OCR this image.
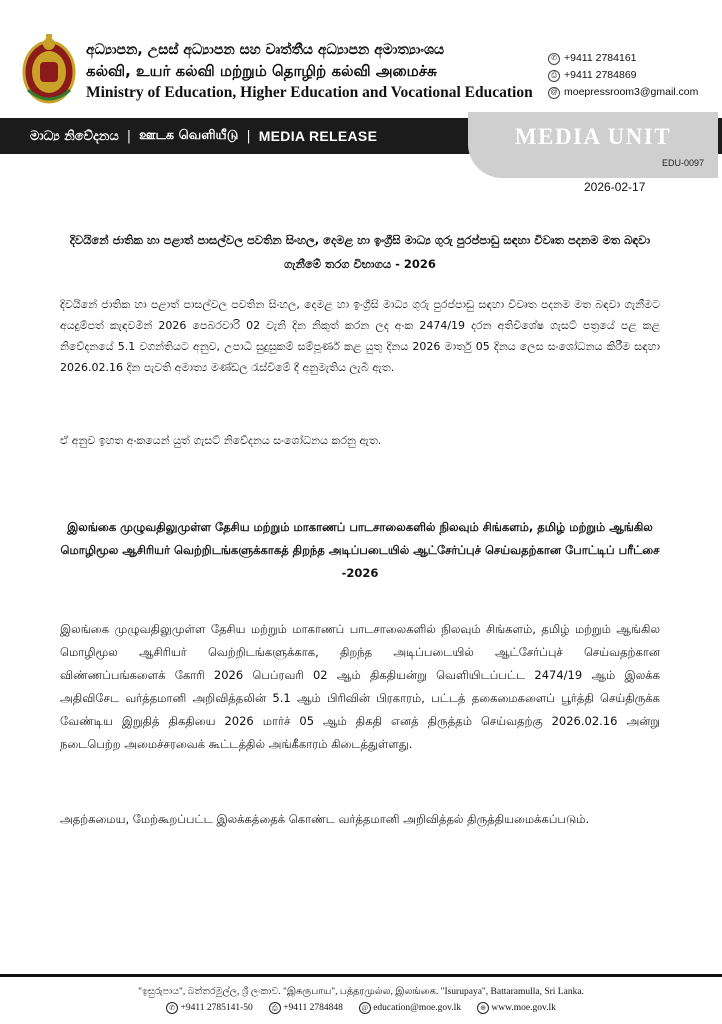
අධ්‍යාපන, උසස් අධ්‍යාපන සහ වෘත්තීය අධ්‍යාපන අමාත්‍යාංශය
கல்வி, உயர் கல்வி மற்றும் தொழிற் கல்வி அமைச்சு
Ministry of Education, Higher Education and Vocational Education
✆ +9411 2784161
⎙ +9411 2784869
@ moepressroom3@gmail.com
මාධ්‍ය නිවේදනය | ஊடக வெளியீடு | MEDIA RELEASE	MEDIA UNIT
EDU-0097
2026-02-17
දිවයිනේ ජාතික හා පළාත් පාසල්වල පවතින සිංහල, දෙමළ හා ඉංග්‍රීසි මාධ්‍ය ගුරු පුරප්පාඩු සඳහා විවෘත පදනම මත බඳවා ගැනීමේ තරග විභාගය - 2026
දිවයිනේ ජාතික හා පළාත් පාසල්වල පවතින සිංහල, දෙමළ හා ඉංග්‍රීසි මාධ්‍ය ගුරු පුරප්පාඩු සඳහා විවෘත පදනම මත බඳවා ගැනීමට අයදුම්පත් කැඳවමින් 2026 පෙබරවාරි 02 වැනි දින නිකුත් කරන ලද අංක 2474/19 දරන අතිවිශේෂ ගැසට් පත්‍රයේ පළ කළ නිවේදනයේ 5.1 වගන්තියට අනුව, උපාධි සුදුසුකම් සම්පූර්ණ කළ යුතු දිනය 2026 මාර්තු 05 දිනය ලෙස සංශෝධනය කිරීම සඳහා 2026.02.16 දින පැවති අමාත්‍ය මණ්ඩල රැස්වීමේ දී අනුමැතිය ලැබී ඇත.
ඒ අනුව ඉහත අංකයෙන් යුත් ගැසට් නිවේදනය සංශෝධනය කරනු ඇත.
இலங்கை முழுவதிலுமுள்ள தேசிய மற்றும் மாகாணப் பாடசாலைகளில் நிலவும் சிங்களம், தமிழ் மற்றும் ஆங்கில மொழிமூல ஆசிரியர் வெற்றிடங்களுக்காகத் திறந்த அடிப்படையில் ஆட்சேர்ப்புச் செய்வதற்கான போட்டிப் பரீட்சை -2026
இலங்கை முழுவதிலுமுள்ள தேசிய மற்றும் மாகாணப் பாடசாலைகளில் நிலவும் சிங்களம், தமிழ் மற்றும் ஆங்கில மொழிமூல ஆசிரியர் வெற்றிடங்களுக்காக, திறந்த அடிப்படையில் ஆட்சேர்ப்புச் செய்வதற்கான விண்ணப்பங்களைக் கோரி 2026 பெப்ரவரி 02 ஆம் திகதியன்று வெளியிடப்பட்ட 2474/19 ஆம் இலக்க அதிவிசேட வர்த்தமானி அறிவித்தலின் 5.1 ஆம் பிரிவின் பிரகாரம், பட்டத் தகைமைகளைப் பூர்த்தி செய்திருக்க வேண்டிய இறுதித் திகதியை 2026 மார்ச் 05 ஆம் திகதி எனத் திருத்தம் செய்வதற்கு 2026.02.16 அன்று நடைபெற்ற அமைச்சரவைக் கூட்டத்தில் அங்கீகாரம் கிடைத்துள்ளது.
அதற்கமைய, மேற்கூறப்பட்ட இலக்கத்தைக் கொண்ட வர்த்தமானி அறிவித்தல் திருத்தியமைக்கப்படும்.
"ඉසුරුපාය", බත්තරමුල්ල, ශ්‍රී ලංකාව. "இசுருபாய", பத்தரமுல்ல, இலங்கை. "Isurupaya", Battaramulla, Sri Lanka.
✆ +9411 2785141-50	⎙ +9411 2784848	@ education@moe.gov.lk	⊕ www.moe.gov.lk
